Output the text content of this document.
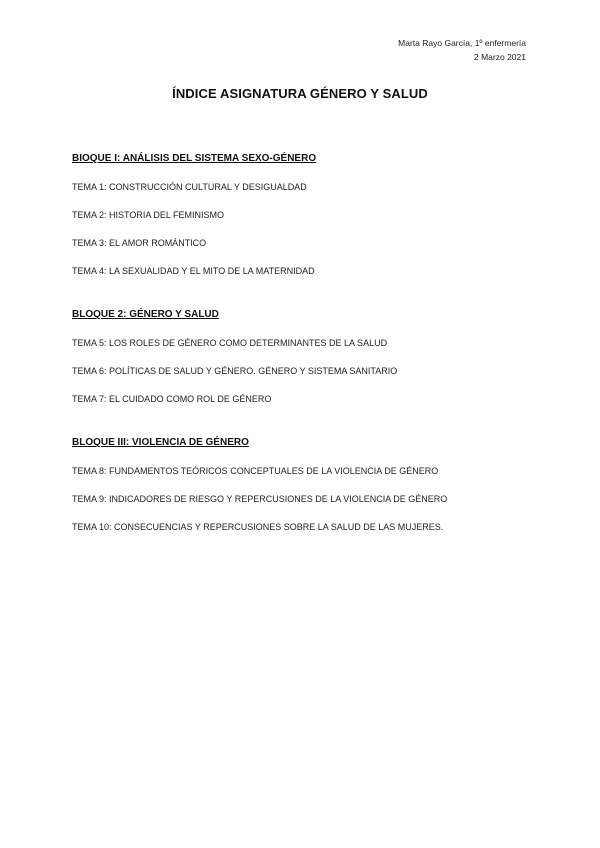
Marta Rayo García, 1º enfermería
2 Marzo 2021
ÍNDICE ASIGNATURA GÉNERO Y SALUD
BIOQUE I: ANÁLISIS DEL SISTEMA SEXO-GÉNERO
TEMA 1: CONSTRUCCIÓN CULTURAL Y DESIGUALDAD
TEMA 2: HISTORIA DEL FEMINISMO
TEMA 3: EL AMOR ROMÁNTICO
TEMA 4: LA SEXUALIDAD Y EL MITO DE LA MATERNIDAD
BLOQUE 2: GÉNERO Y SALUD
TEMA 5: LOS ROLES DE GÉNERO COMO DETERMINANTES DE LA SALUD
TEMA 6: POLÍTICAS DE SALUD Y GÉNERO. GÉNERO Y SISTEMA SANITARIO
TEMA 7: EL CUIDADO COMO ROL DE GÉNERO
BLOQUE III: VIOLENCIA DE GÉNERO
TEMA 8: FUNDAMENTOS TEÓRICOS CONCEPTUALES DE LA VIOLENCIA DE GÉNERO
TEMA 9: INDICADORES DE RIESGO Y REPERCUSIONES DE LA VIOLENCIA DE GÉNERO
TEMA 10: CONSECUENCIAS Y REPERCUSIONES SOBRE LA SALUD DE LAS MUJERES.
